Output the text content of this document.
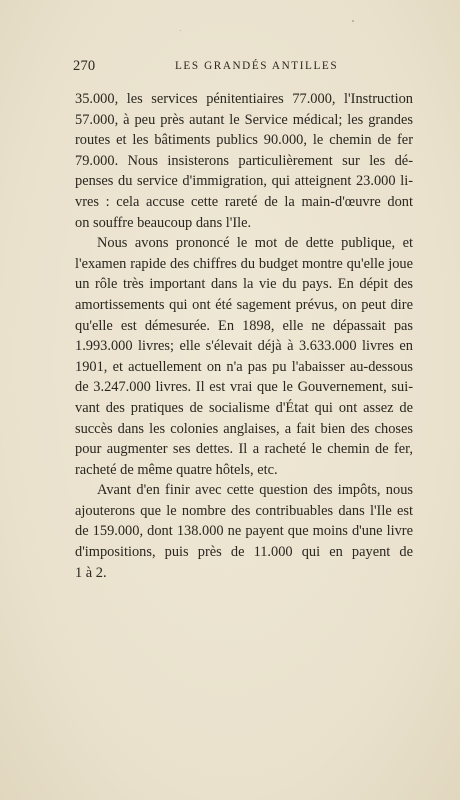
270	LES GRANDÉS ANTILLES
35.000, les services pénitentiaires 77.000, l'Instruction
57.000, à peu près autant le Service médical; les grandes
routes et les bâtiments publics 90.000, le chemin de fer
79.000. Nous insisterons particulièrement sur les dé-
penses du service d'immigration, qui atteignent 23.000 li-
vres : cela accuse cette rareté de la main-d'œuvre dont
on souffre beaucoup dans l'Ile.
Nous avons prononcé le mot de dette publique, et
l'examen rapide des chiffres du budget montre qu'elle joue
un rôle très important dans la vie du pays. En dépit des
amortissements qui ont été sagement prévus, on peut dire
qu'elle est démesurée. En 1898, elle ne dépassait pas
1.993.000 livres; elle s'élevait déjà à 3.633.000 livres en
1901, et actuellement on n'a pas pu l'abaisser au-dessous
de 3.247.000 livres. Il est vrai que le Gouvernement, sui-
vant des pratiques de socialisme d'État qui ont assez de
succès dans les colonies anglaises, a fait bien des choses
pour augmenter ses dettes. Il a racheté le chemin de fer,
racheté de même quatre hôtels, etc.
Avant d'en finir avec cette question des impôts, nous
ajouterons que le nombre des contribuables dans l'Ile est
de 159.000, dont 138.000 ne payent que moins d'une livre
d'impositions, puis près de 11.000 qui en payent de
1 à 2.
